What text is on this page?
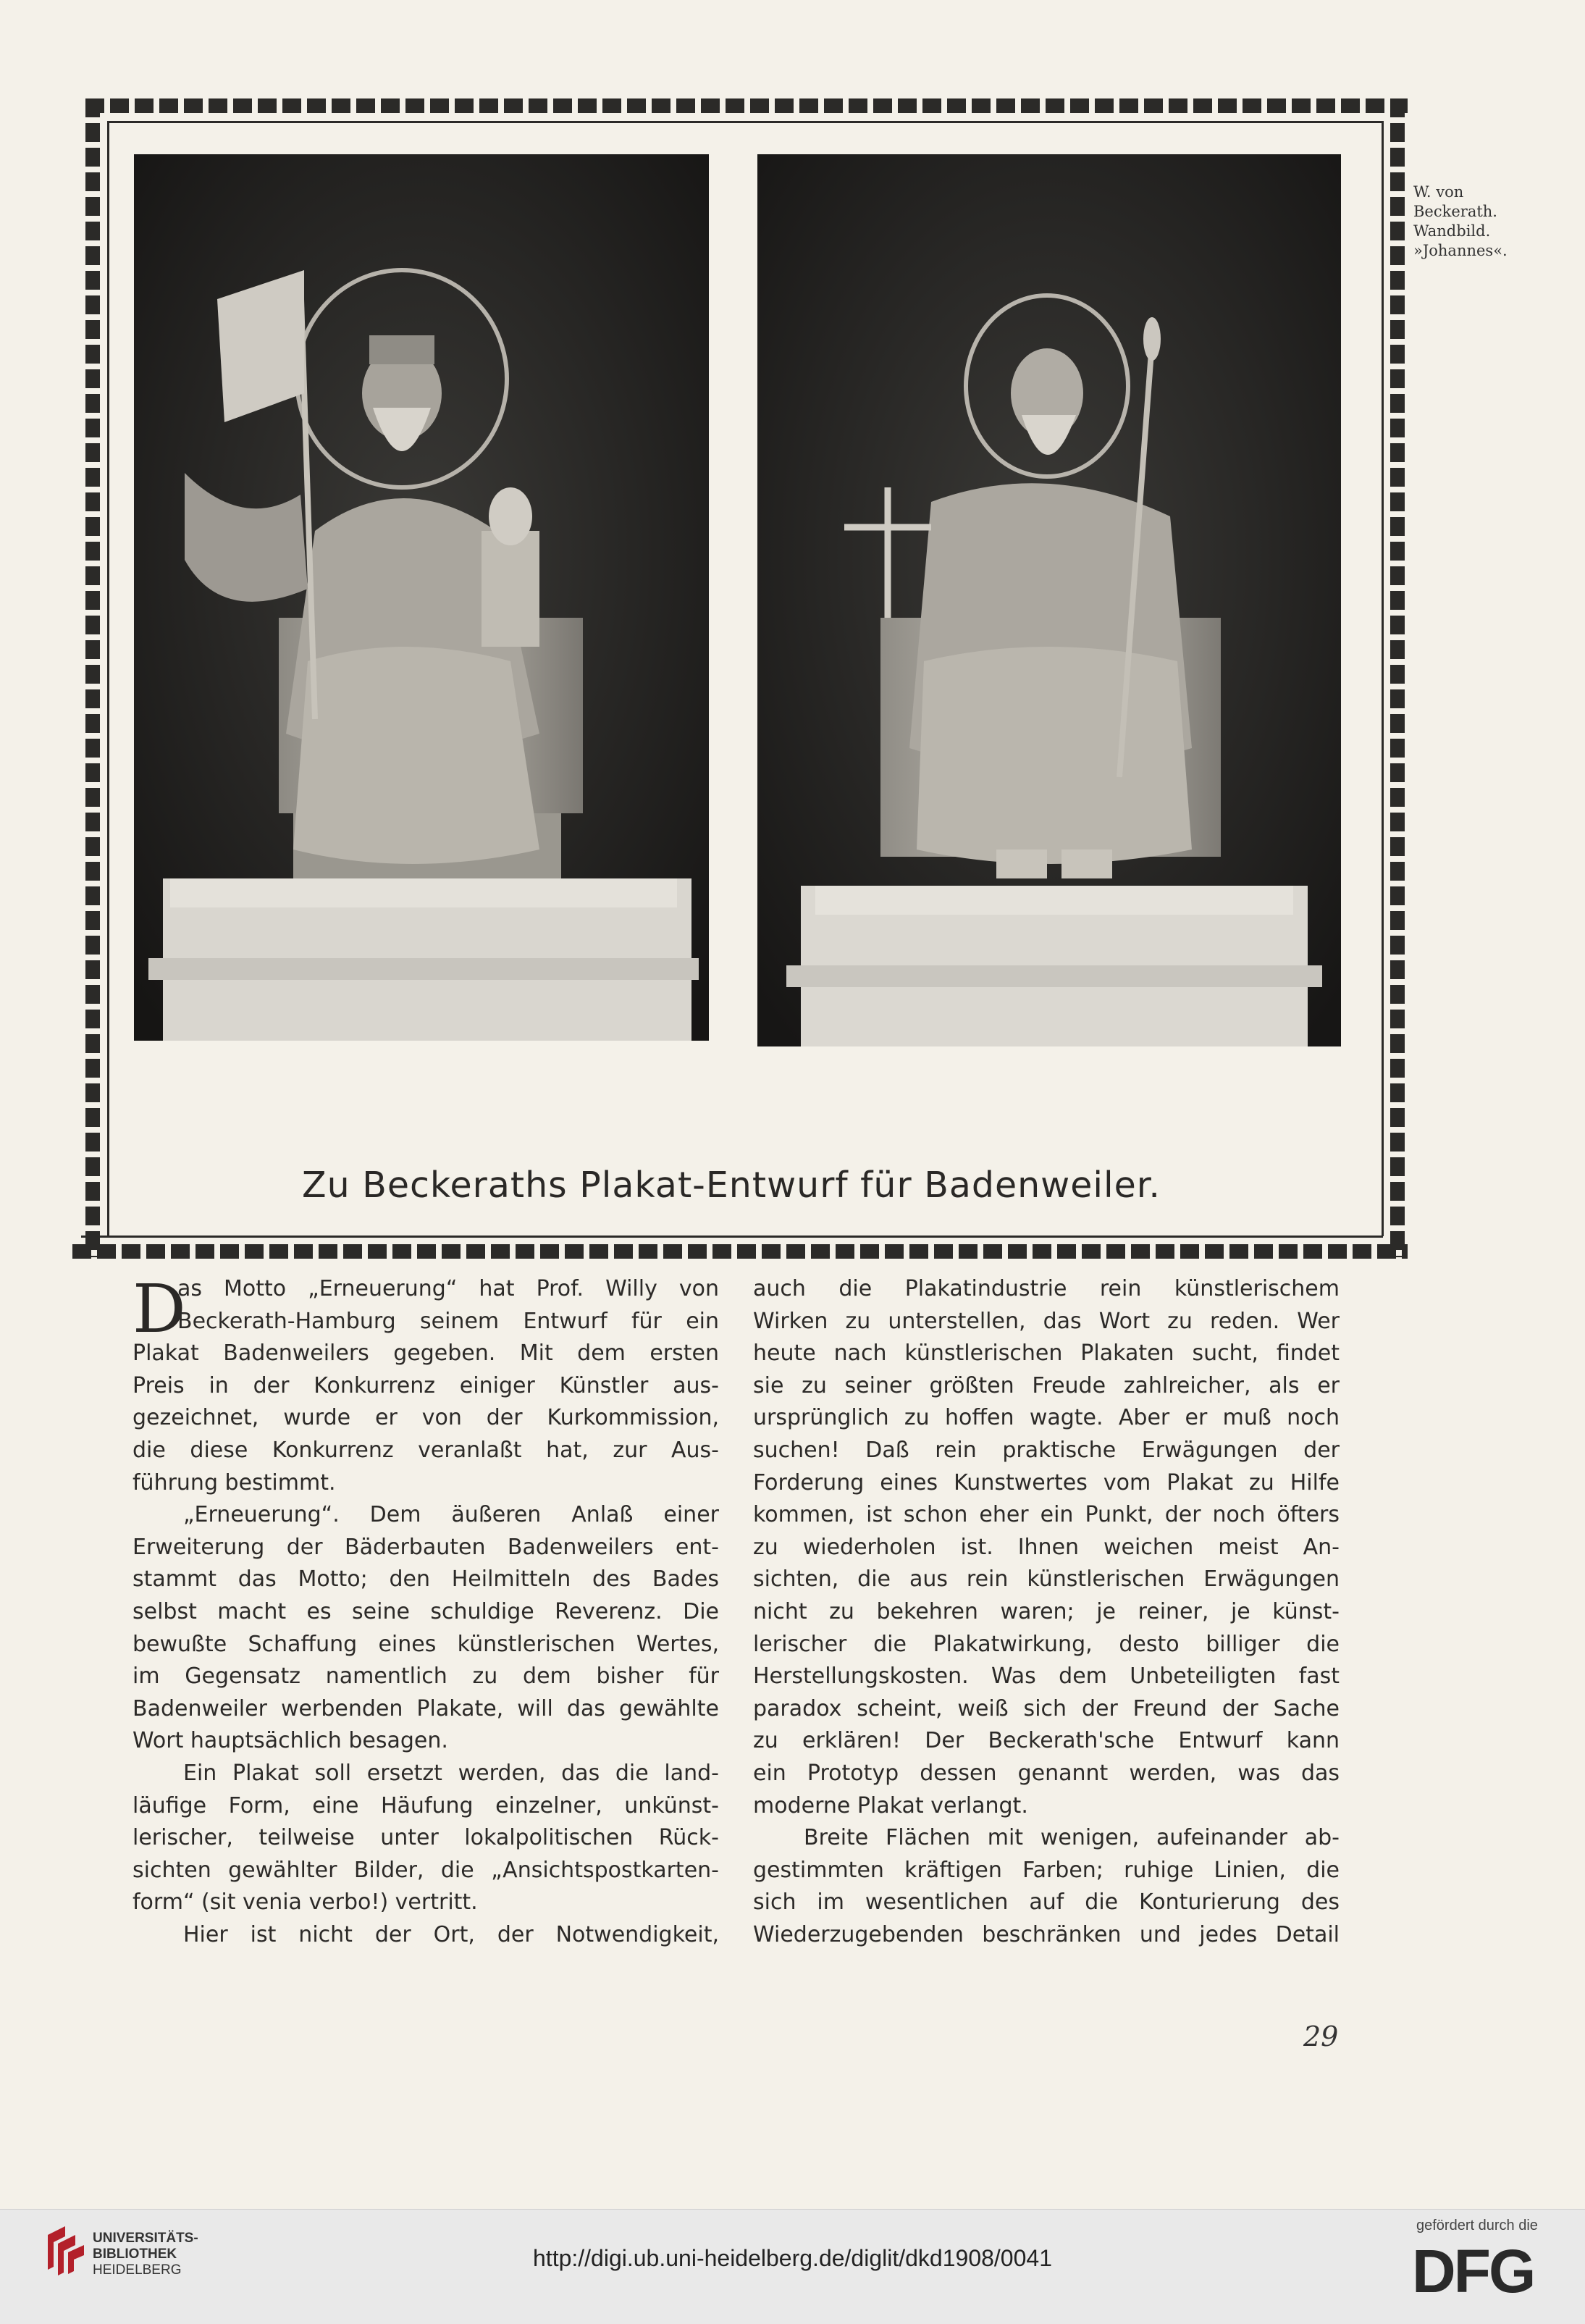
W. von
Beckerath.
Wandbild.
»Johannes«.
Zu Beckeraths Plakat-Entwurf für Badenweiler.
D
as Motto „Erneuerung“ hat Prof. Willy von
Beckerath-Hamburg seinem Entwurf für ein
Plakat Badenweilers gegeben. Mit dem ersten
Preis in der Konkurrenz einiger Künstler aus-
gezeichnet, wurde er von der Kurkommission,
die diese Konkurrenz veranlaßt hat, zur Aus-
führung bestimmt.
„Erneuerung“. Dem äußeren Anlaß einer
Erweiterung der Bäderbauten Badenweilers ent-
stammt das Motto; den Heilmitteln des Bades
selbst macht es seine schuldige Reverenz. Die
bewußte Schaffung eines künstlerischen Wertes,
im Gegensatz namentlich zu dem bisher für
Badenweiler werbenden Plakate, will das gewählte
Wort hauptsächlich besagen.
Ein Plakat soll ersetzt werden, das die land-
läufige Form, eine Häufung einzelner, unkünst-
lerischer, teilweise unter lokalpolitischen Rück-
sichten gewählter Bilder, die „Ansichtspostkarten-
form“ (sit venia verbo!) vertritt.
Hier ist nicht der Ort, der Notwendigkeit,
auch die Plakatindustrie rein künstlerischem
Wirken zu unterstellen, das Wort zu reden. Wer
heute nach künstlerischen Plakaten sucht, findet
sie zu seiner größten Freude zahlreicher, als er
ursprünglich zu hoffen wagte. Aber er muß noch
suchen! Daß rein praktische Erwägungen der
Forderung eines Kunstwertes vom Plakat zu Hilfe
kommen, ist schon eher ein Punkt, der noch öfters
zu wiederholen ist. Ihnen weichen meist An-
sichten, die aus rein künstlerischen Erwägungen
nicht zu bekehren waren; je reiner, je künst-
lerischer die Plakatwirkung, desto billiger die
Herstellungskosten. Was dem Unbeteiligten fast
paradox scheint, weiß sich der Freund der Sache
zu erklären! Der Beckerath'sche Entwurf kann
ein Prototyp dessen genannt werden, was das
moderne Plakat verlangt.
Breite Flächen mit wenigen, aufeinander ab-
gestimmten kräftigen Farben; ruhige Linien, die
sich im wesentlichen auf die Konturierung des
Wiederzugebenden beschränken und jedes Detail
29
UNIVERSITÄTS-
BIBLIOTHEK
HEIDELBERG	http://digi.ub.uni-heidelberg.de/diglit/dkd1908/0041
gefördert durch die
DFG
